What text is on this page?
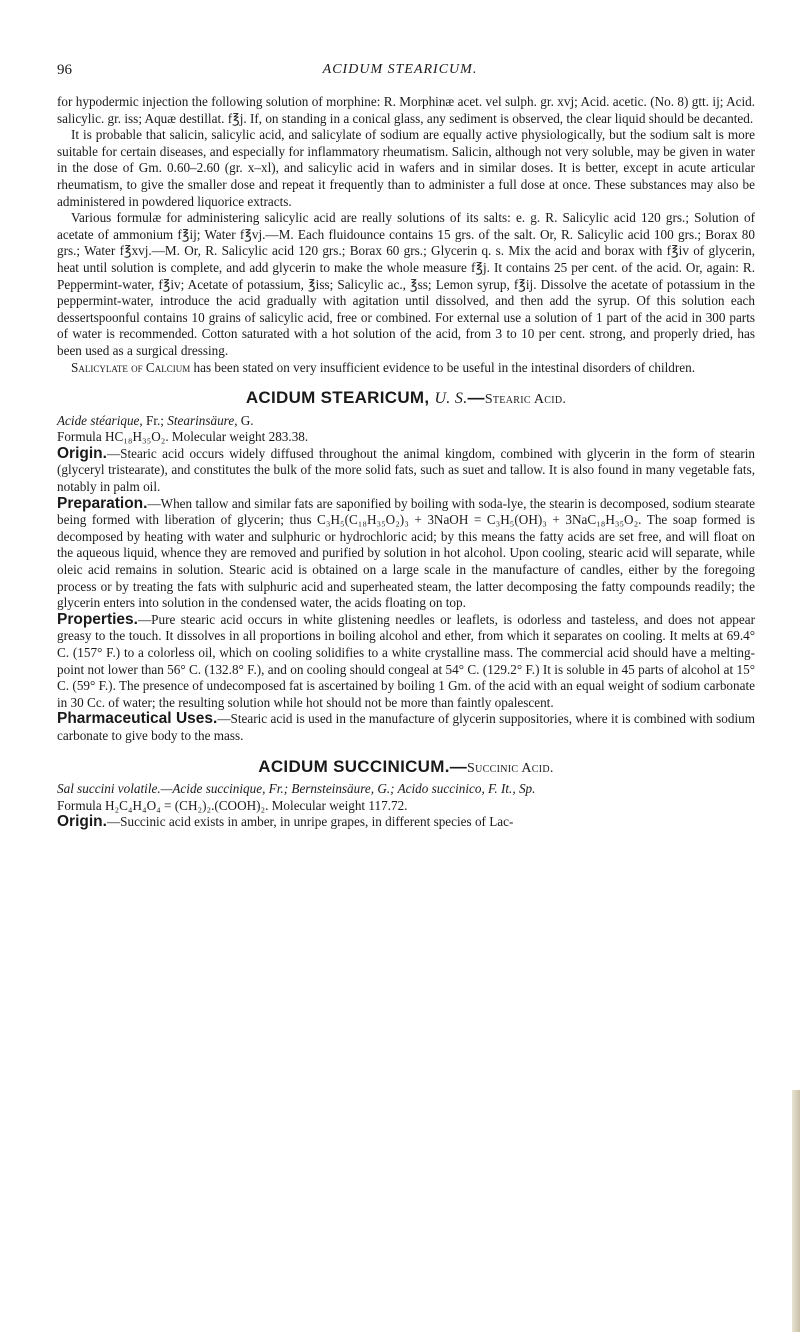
96	ACIDUM STEARICUM.

for hypodermic injection the following solution of morphine: R. Morphinæ acet. vel sulph. gr. xvj; Acid. acetic. (No. 8) gtt. ij; Acid. salicylic. gr. iss; Aquæ destillat. f℥j. If, on standing in a conical glass, any sediment is observed, the clear liquid should be decanted.

It is probable that salicin, salicylic acid, and salicylate of sodium are equally active physiologically, but the sodium salt is more suitable for certain diseases, and especially for inflammatory rheumatism. Salicin, although not very soluble, may be given in water in the dose of Gm. 0.60–2.60 (gr. x–xl), and salicylic acid in wafers and in similar doses. It is better, except in acute articular rheumatism, to give the smaller dose and repeat it frequently than to administer a full dose at once. These substances may also be administered in powdered liquorice extracts.

Various formulæ for administering salicylic acid are really solutions of its salts: e. g. R. Salicylic acid 120 grs.; Solution of acetate of ammonium f℥ij; Water f℥vj.—M. Each fluidounce contains 15 grs. of the salt. Or, R. Salicylic acid 100 grs.; Borax 80 grs.; Water f℥xvj.—M. Or, R. Salicylic acid 120 grs.; Borax 60 grs.; Glycerin q. s. Mix the acid and borax with f℥iv of glycerin, heat until solution is complete, and add glycerin to make the whole measure f℥j. It contains 25 per cent. of the acid. Or, again: R. Peppermint-water, f℥iv; Acetate of potassium, ℥iss; Salicylic ac., ℥ss; Lemon syrup, f℥ij. Dissolve the acetate of potassium in the peppermint-water, introduce the acid gradually with agitation until dissolved, and then add the syrup. Of this solution each dessertspoonful contains 10 grains of salicylic acid, free or combined. For external use a solution of 1 part of the acid in 300 parts of water is recommended. Cotton saturated with a hot solution of the acid, from 3 to 10 per cent. strong, and properly dried, has been used as a surgical dressing.

Salicylate of Calcium has been stated on very insufficient evidence to be useful in the intestinal disorders of children.

ACIDUM STEARICUM, U. S.—Stearic Acid.

Acide stéarique, Fr.; Stearinsäure, G.

Formula HC₁₈H₃₅O₂. Molecular weight 283.38.

Origin.—Stearic acid occurs widely diffused throughout the animal kingdom, combined with glycerin in the form of stearin (glyceryl tristearate), and constitutes the bulk of the more solid fats, such as suet and tallow. It is also found in many vegetable fats, notably in palm oil.

Preparation.—When tallow and similar fats are saponified by boiling with soda-lye, the stearin is decomposed, sodium stearate being formed with liberation of glycerin; thus C₃H₅(C₁₈H₃₅O₂)₃ + 3NaOH = C₃H₅(OH)₃ + 3NaC₁₈H₃₅O₂. The soap formed is decomposed by heating with water and sulphuric or hydrochloric acid; by this means the fatty acids are set free, and will float on the aqueous liquid, whence they are removed and purified by solution in hot alcohol. Upon cooling, stearic acid will separate, while oleic acid remains in solution. Stearic acid is obtained on a large scale in the manufacture of candles, either by the foregoing process or by treating the fats with sulphuric acid and superheated steam, the latter decomposing the fatty compounds readily; the glycerin enters into solution in the condensed water, the acids floating on top.

Properties.—Pure stearic acid occurs in white glistening needles or leaflets, is odorless and tasteless, and does not appear greasy to the touch. It dissolves in all proportions in boiling alcohol and ether, from which it separates on cooling. It melts at 69.4° C. (157° F.) to a colorless oil, which on cooling solidifies to a white crystalline mass. The commercial acid should have a melting-point not lower than 56° C. (132.8° F.), and on cooling should congeal at 54° C. (129.2° F.) It is soluble in 45 parts of alcohol at 15° C. (59° F.). The presence of undecomposed fat is ascertained by boiling 1 Gm. of the acid with an equal weight of sodium carbonate in 30 Cc. of water; the resulting solution while hot should not be more than faintly opalescent.

Pharmaceutical Uses.—Stearic acid is used in the manufacture of glycerin suppositories, where it is combined with sodium carbonate to give body to the mass.

ACIDUM SUCCINICUM.—Succinic Acid.

Sal succini volatile.—Acide succinique, Fr.; Bernsteinsäure, G.; Acido succinico, F. It., Sp.

Formula H₂C₄H₄O₄ = (CH₂)₂.(COOH)₂. Molecular weight 117.72.

Origin.—Succinic acid exists in amber, in unripe grapes, in different species of Lac-
